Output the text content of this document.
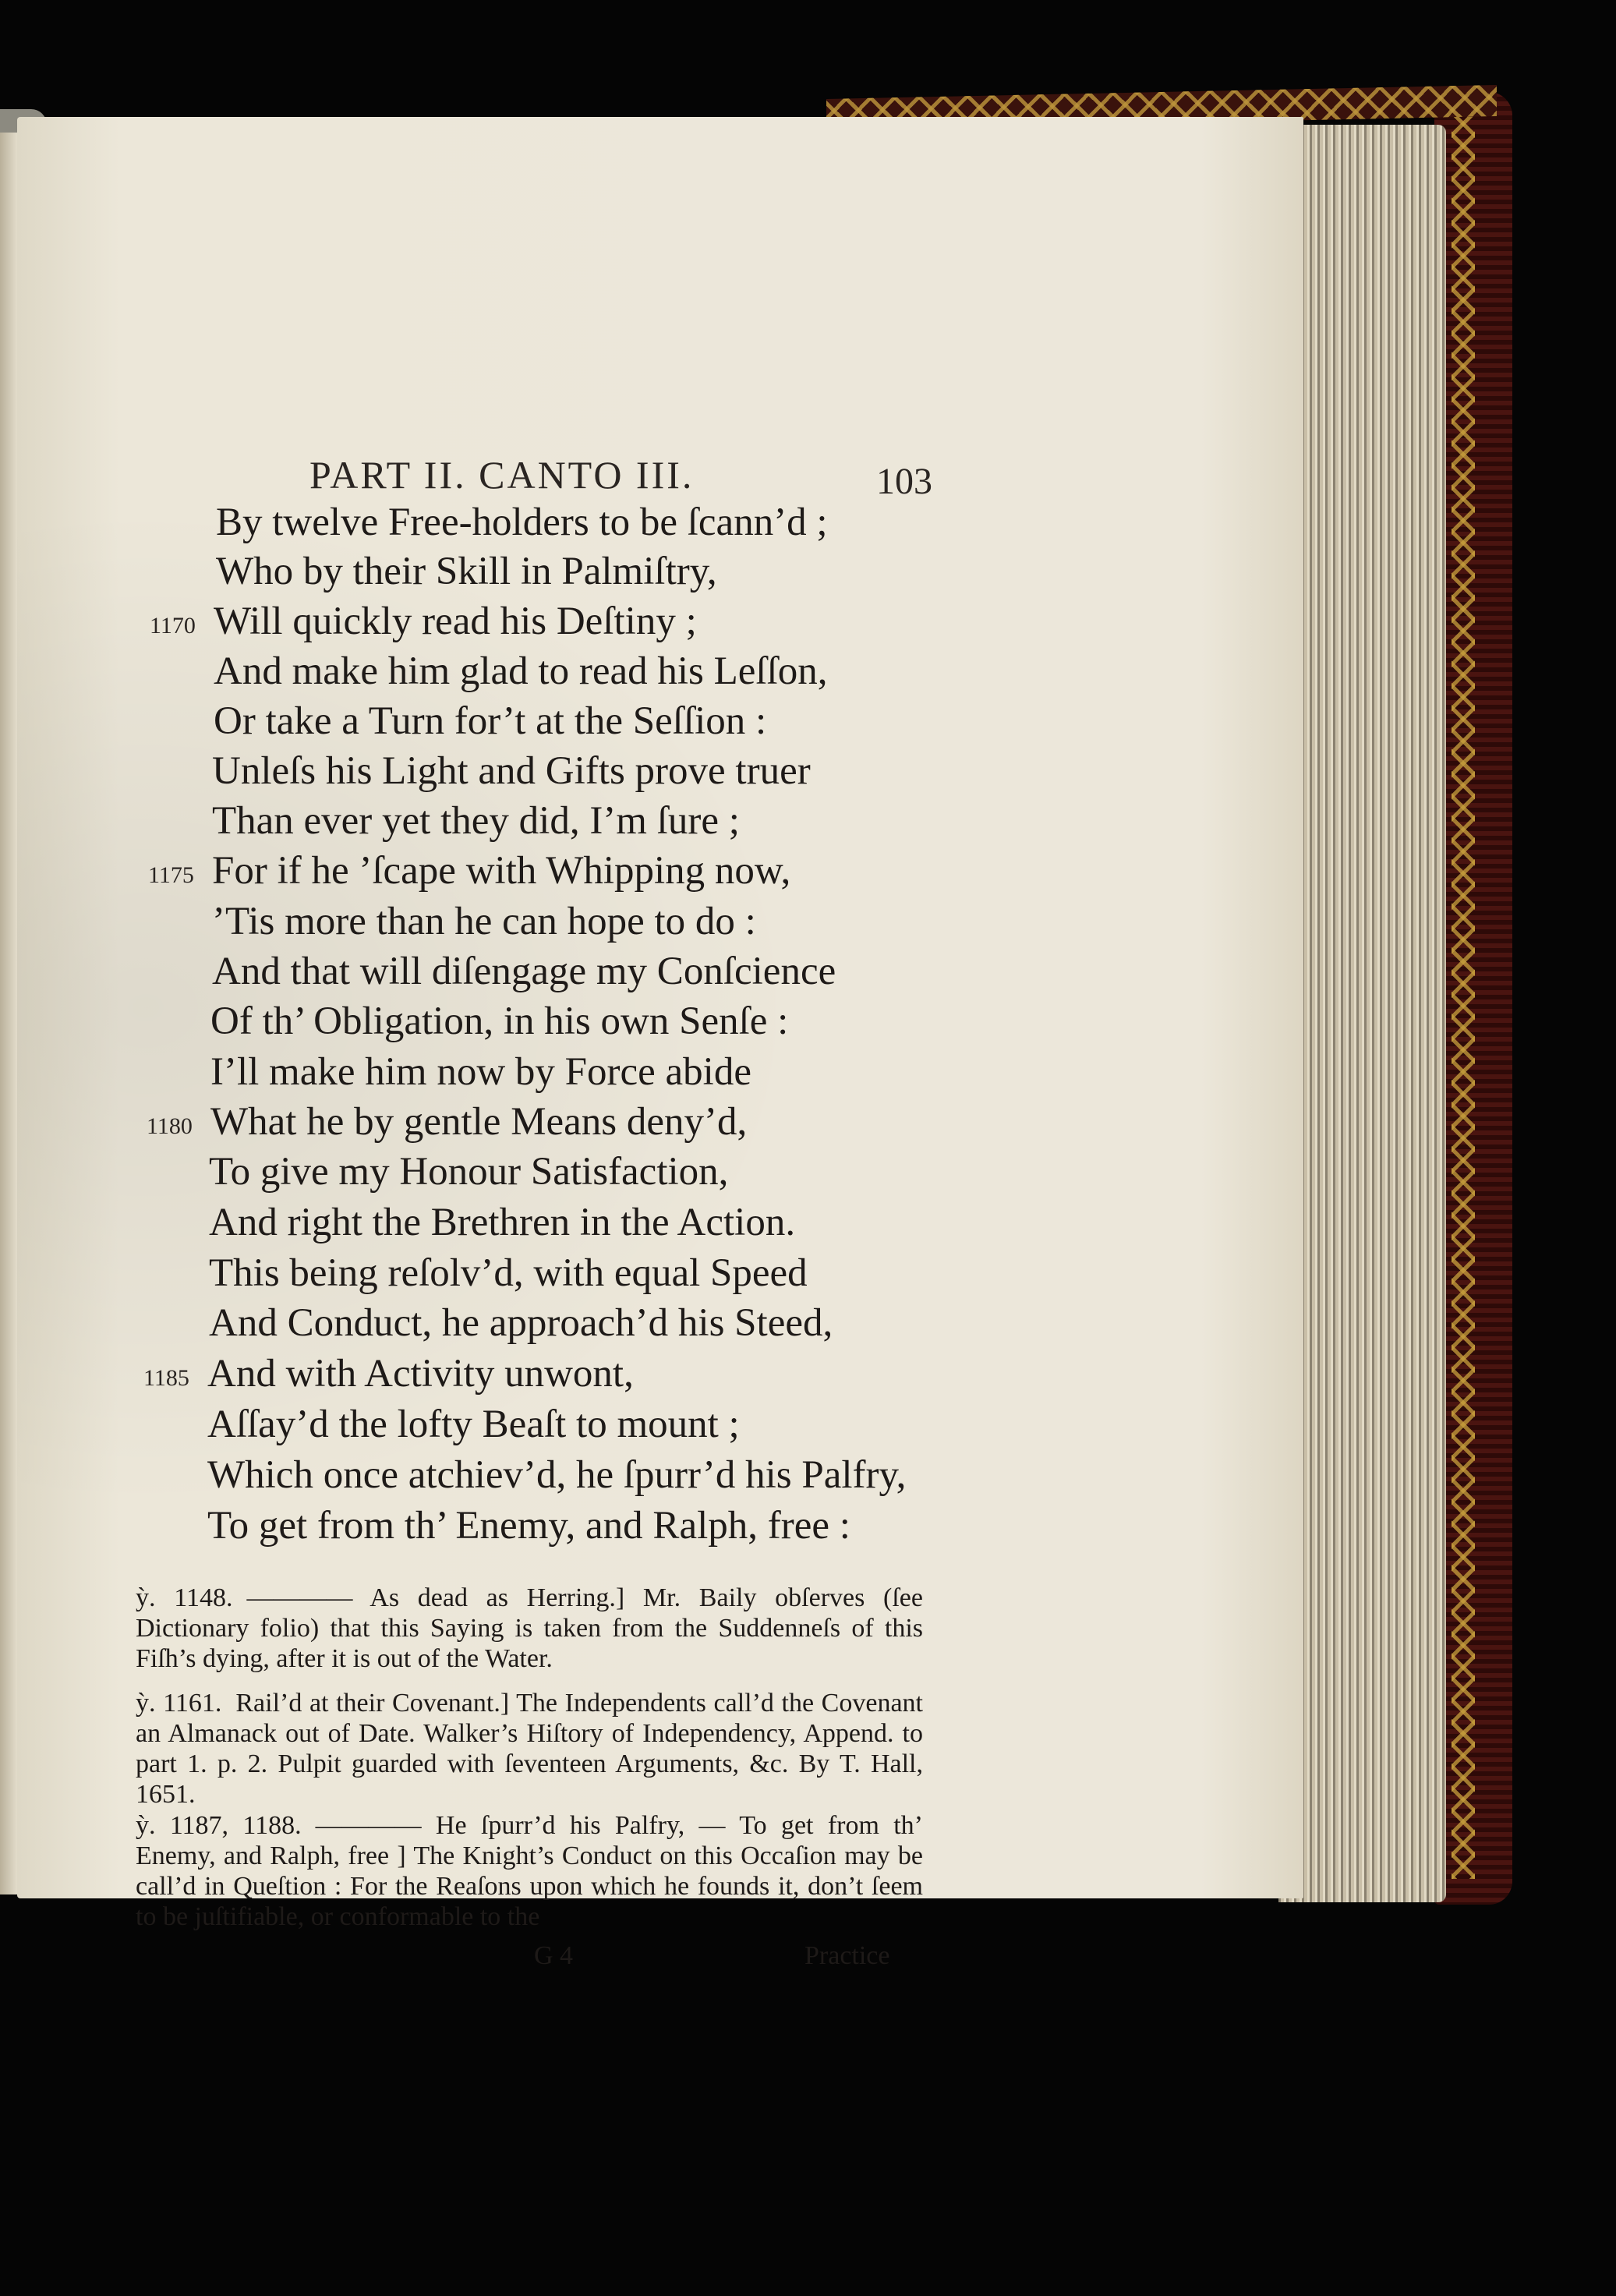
PART II. CANTO III.	103
By twelve Free-holders to be ſcann’d ;
Who by their Skill in Palmiſtry,
1170 Will quickly read his Deſtiny ;
And make him glad to read his Leſſon,
Or take a Turn for’t at the Seſſion :
Unleſs his Light and Gifts prove truer
Than ever yet they did, I’m ſure ;
1175 For if he ’ſcape with Whipping now,
’Tis more than he can hope to do :
And that will diſengage my Conſcience
Of th’ Obligation, in his own Senſe :
I’ll make him now by Force abide
1180 What he by gentle Means deny’d,
To give my Honour Satisfaction,
And right the Brethren in the Action.
This being reſolv’d, with equal Speed
And Conduct, he approach’d his Steed,
1185 And with Activity unwont,
Aſſay’d the lofty Beaſt to mount ;
Which once atchiev’d, he ſpurr’d his Palfry,
To get from th’ Enemy, and Ralph, free :
ỳ. 1148. ———— As dead as Herring.] Mr. Baily obſerves (ſee Dictionary folio) that this Saying is taken from the Suddenneſs of this Fiſh’s dying, after it is out of the Water.
ỳ. 1161. Rail’d at their Covenant.] The Independents call’d the Covenant an Almanack out of Date. Walker’s Hiſtory of Independency, Append. to part 1. p. 2. Pulpit guarded with ſeventeen Arguments, &c. By T. Hall, 1651.
ỳ. 1187, 1188. ———— He ſpurr’d his Palfry, — To get from th’ Enemy, and Ralph, free ] The Knight’s Conduct on this Occaſion may be call’d in Queſtion : For the Reaſons upon which he founds it, don’t ſeem to be juſtifiable, or conformable to the
G 4	Practice
